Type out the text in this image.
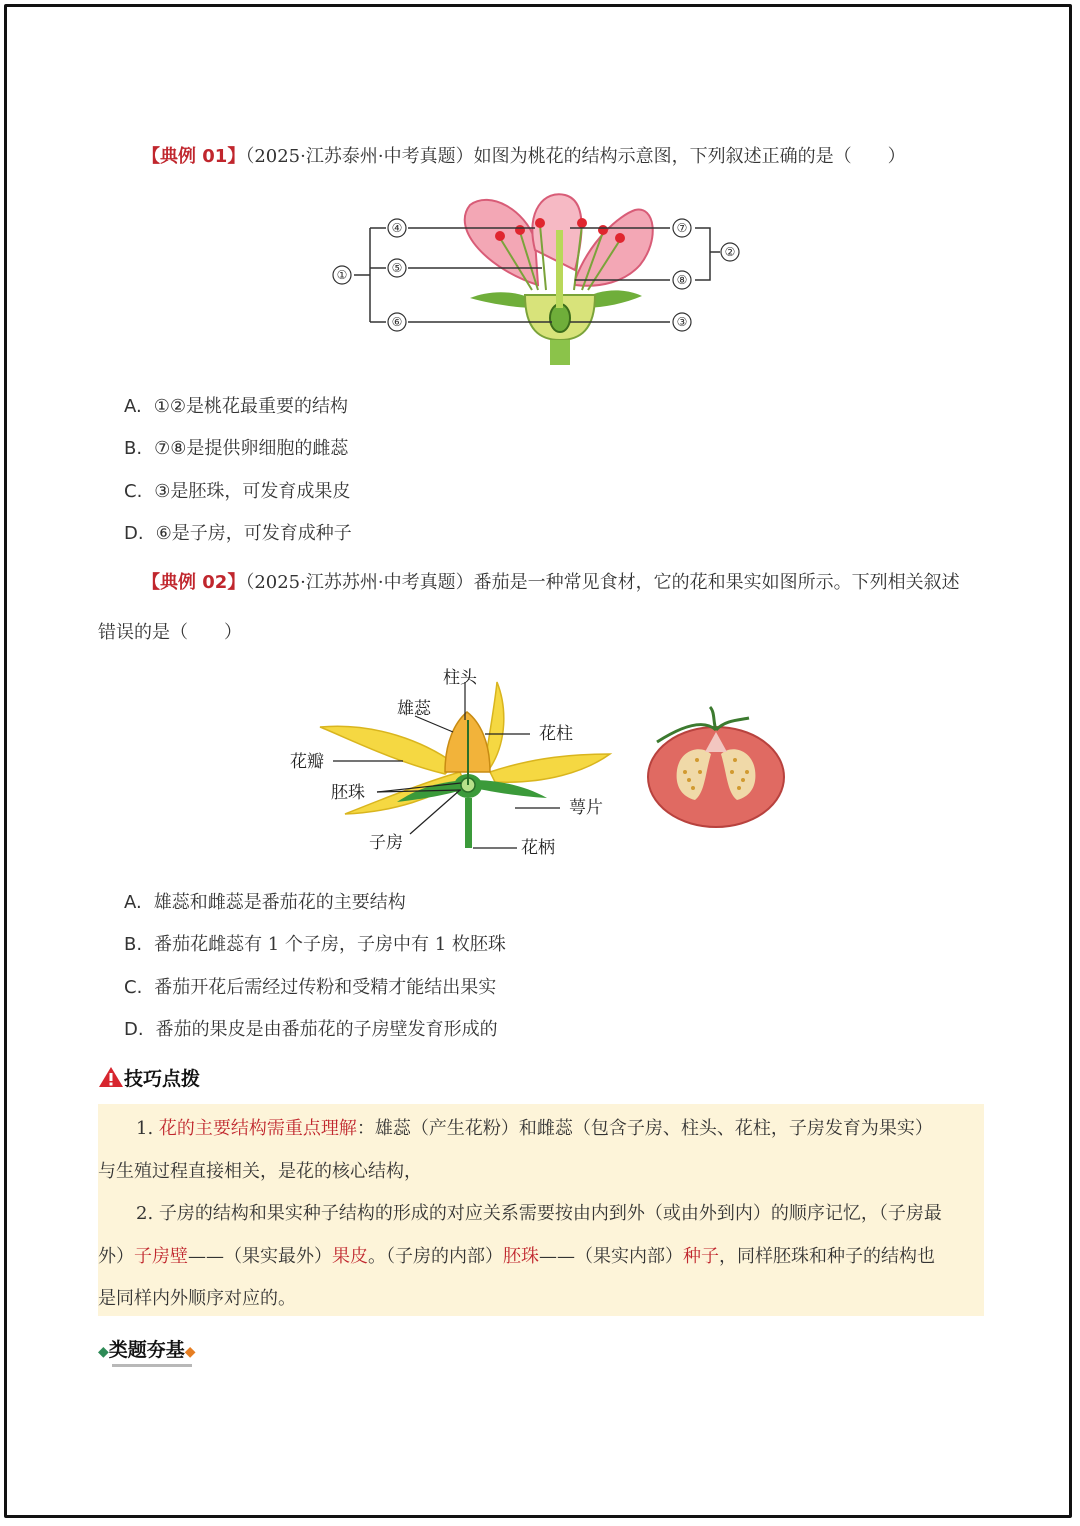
【典例 01】（2025·江苏泰州·中考真题）如图为桃花的结构示意图，下列叙述正确的是（　　）
①
④
⑤
⑥
⑦
⑧
③
②
A. ①②是桃花最重要的结构
B. ⑦⑧是提供卵细胞的雌蕊
C. ③是胚珠，可发育成果皮
D. ⑥是子房，可发育成种子
【典例 02】（2025·江苏苏州·中考真题）番茄是一种常见食材，它的花和果实如图所示。下列相关叙述
错误的是（　　）
柱头
雄蕊
花柱
花瓣
胚珠
萼片
子房	花柄
A. 雄蕊和雌蕊是番茄花的主要结构
B. 番茄花雌蕊有 1 个子房，子房中有 1 枚胚珠
C. 番茄开花后需经过传粉和受精才能结出果实
D. 番茄的果皮是由番茄花的子房壁发育形成的
技巧点拨
1. 花的主要结构需重点理解：雄蕊（产生花粉）和雌蕊（包含子房、柱头、花柱，子房发育为果实）
与生殖过程直接相关，是花的核心结构，
2. 子房的结构和果实种子结构的形成的对应关系需要按由内到外（或由外到内）的顺序记忆，（子房最
外）子房壁——（果实最外）果皮。（子房的内部）胚珠——（果实内部）种子，同样胚珠和种子的结构也
是同样内外顺序对应的。
◆类题夯基◆
